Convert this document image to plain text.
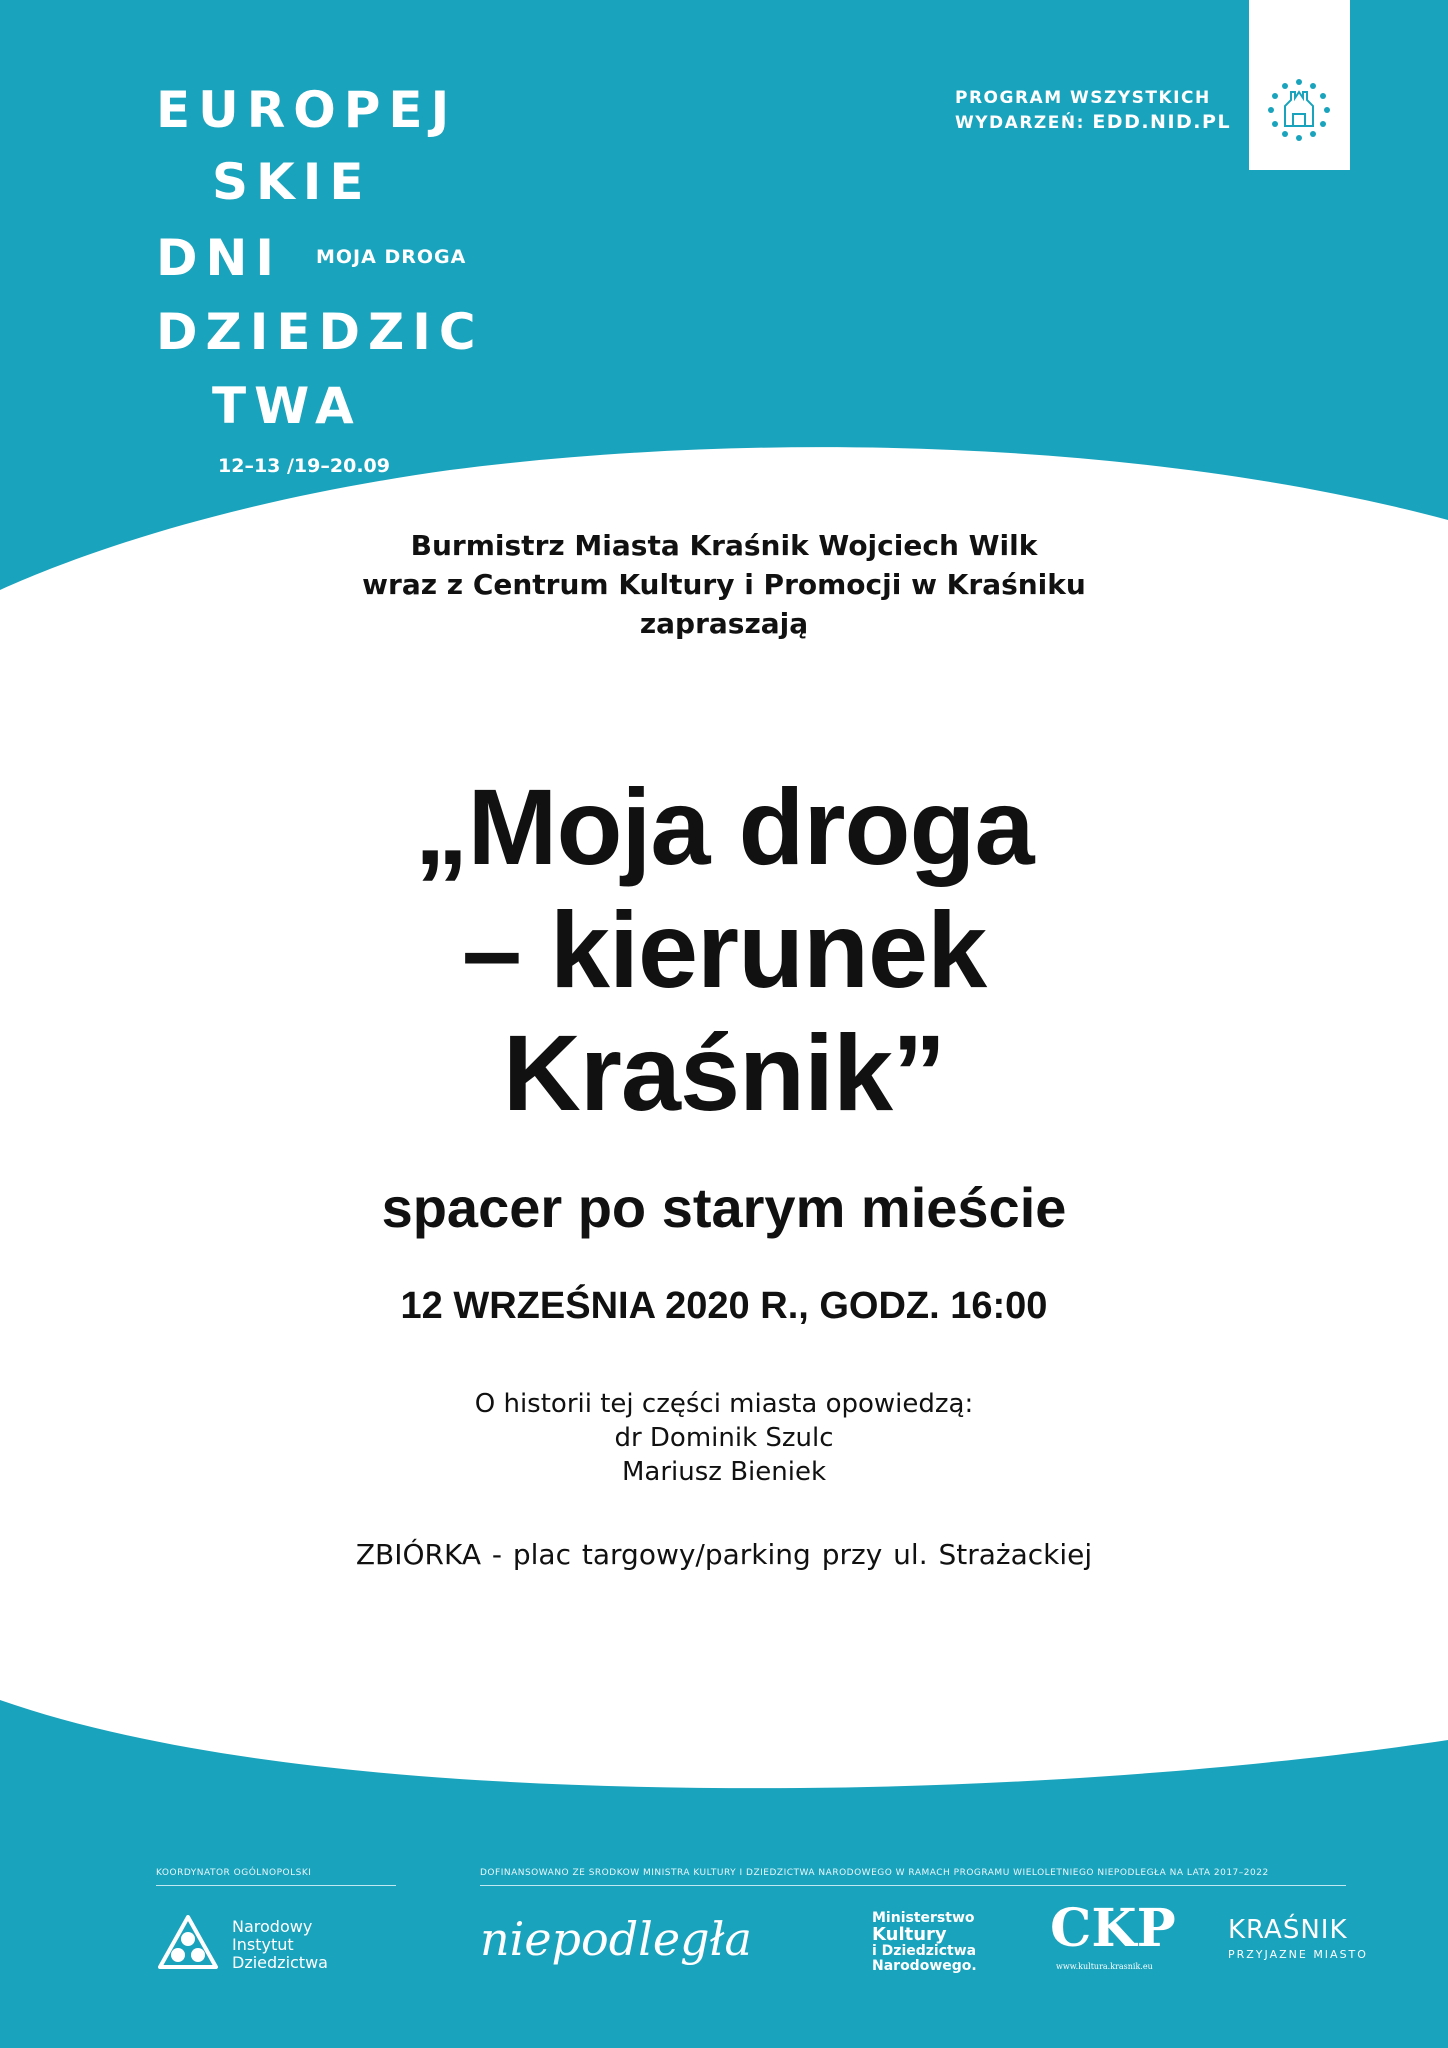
EUROPEJ
SKIE
DNI
DZIEDZIC
TWA
MOJA DROGA
12–13 /19–20.09
PROGRAM WSZYSTKICH
WYDARZEŃ: EDD.NID.PL
Burmistrz Miasta Kraśnik Wojciech Wilk
wraz z Centrum Kultury i Promocji w Kraśniku
zapraszają
„Moja droga
– kierunek
Kraśnik”
spacer po starym mieście
12 WRZEŚNIA 2020 R., GODZ. 16:00
O historii tej części miasta opowiedzą:
dr Dominik Szulc
Mariusz Bieniek
ZBIÓRKA - plac targowy/parking przy ul. Strażackiej
KOORDYNATOR OGÓLNOPOLSKI	DOFINANSOWANO ZE ŚRODKÓW MINISTRA KULTURY I DZIEDZICTWA NARODOWEGO W RAMACH PROGRAMU WIELOLETNIEGO NIEPODLEGŁA NA LATA 2017–2022
Narodowy
Instytut
Dziedzictwa	niepodległa	Ministerstwo
Kultury
i Dziedzictwa
Narodowego.
CKP
www.kultura.krasnik.eu
KRAŚNIK
PRZYJAZNE MIASTO
